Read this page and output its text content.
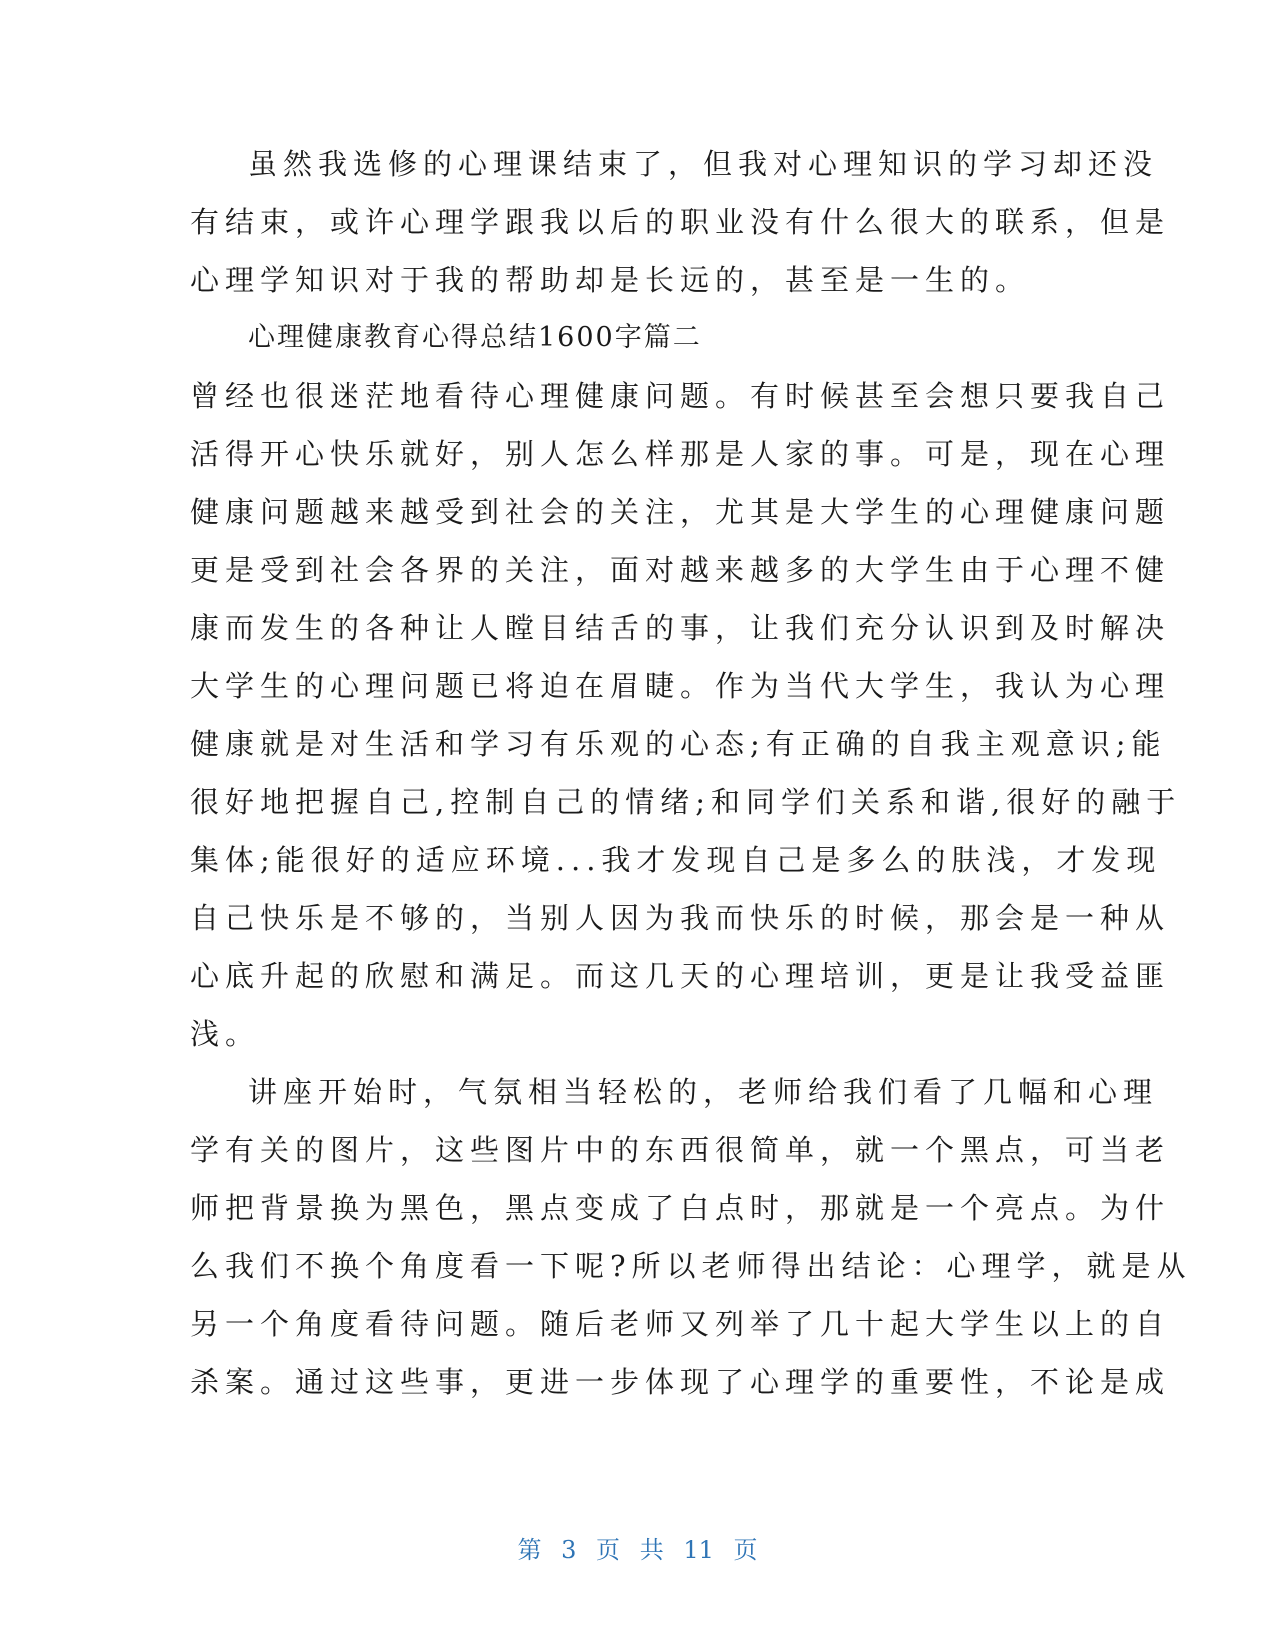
虽然我选修的心理课结束了，但我对心理知识的学习却还没
有结束，或许心理学跟我以后的职业没有什么很大的联系，但是
心理学知识对于我的帮助却是长远的，甚至是一生的。
心理健康教育心得总结1600字篇二
曾经也很迷茫地看待心理健康问题。有时候甚至会想只要我自己
活得开心快乐就好，别人怎么样那是人家的事。可是，现在心理
健康问题越来越受到社会的关注，尤其是大学生的心理健康问题
更是受到社会各界的关注，面对越来越多的大学生由于心理不健
康而发生的各种让人瞠目结舌的事，让我们充分认识到及时解决
大学生的心理问题已将迫在眉睫。作为当代大学生，我认为心理
健康就是对生活和学习有乐观的心态;有正确的自我主观意识;能
很好地把握自己,控制自己的情绪;和同学们关系和谐,很好的融于
集体;能很好的适应环境...我才发现自己是多么的肤浅，才发现
自己快乐是不够的，当别人因为我而快乐的时候，那会是一种从
心底升起的欣慰和满足。而这几天的心理培训，更是让我受益匪
浅。
讲座开始时，气氛相当轻松的，老师给我们看了几幅和心理
学有关的图片，这些图片中的东西很简单，就一个黑点，可当老
师把背景换为黑色，黑点变成了白点时，那就是一个亮点。为什
么我们不换个角度看一下呢?所以老师得出结论：心理学，就是从
另一个角度看待问题。随后老师又列举了几十起大学生以上的自
杀案。通过这些事，更进一步体现了心理学的重要性，不论是成
第 3 页 共 11 页
